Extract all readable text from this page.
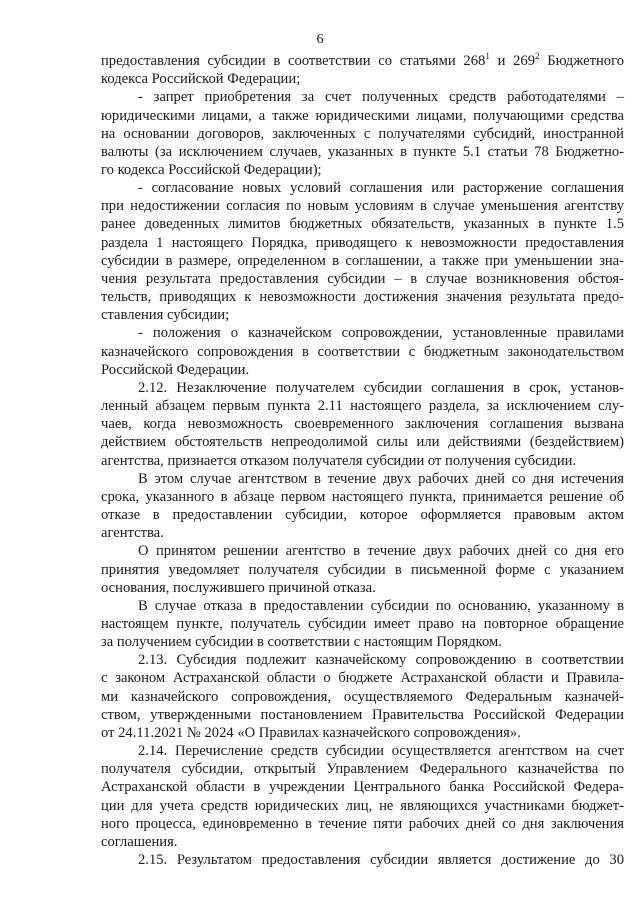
6
предоставления субсидии в соответствии со статьями $268^1$ и $269^2$ Бюджетного
кодекса Российской Федерации;
- запрет приобретения за счет полученных средств работодателями –
юридическими лицами, а также юридическими лицами, получающими средства
на основании договоров, заключенных с получателями субсидий, иностранной
валюты (за исключением случаев, указанных в пункте 5.1 статьи 78 Бюджетно-
го кодекса Российской Федерации);
- согласование новых условий соглашения или расторжение соглашения
при недостижении согласия по новым условиям в случае уменьшения агентству
ранее доведенных лимитов бюджетных обязательств, указанных в пункте 1.5
раздела 1 настоящего Порядка, приводящего к невозможности предоставления
субсидии в размере, определенном в соглашении, а также при уменьшении зна-
чения результата предоставления субсидии – в случае возникновения обстоя-
тельств, приводящих к невозможности достижения значения результата предо-
ставления субсидии;
- положения о казначейском сопровождении, установленные правилами
казначейского сопровождения в соответствии с бюджетным законодательством
Российской Федерации.
2.12. Незаключение получателем субсидии соглашения в срок, установ-
ленный абзацем первым пункта 2.11 настоящего раздела, за исключением слу-
чаев, когда невозможность своевременного заключения соглашения вызвана
действием обстоятельств непреодолимой силы или действиями (бездействием)
агентства, признается отказом получателя субсидии от получения субсидии.
В этом случае агентством в течение двух рабочих дней со дня истечения
срока, указанного в абзаце первом настоящего пункта, принимается решение об
отказе в предоставлении субсидии, которое оформляется правовым актом
агентства.
О принятом решении агентство в течение двух рабочих дней со дня его
принятия уведомляет получателя субсидии в письменной форме с указанием
основания, послужившего причиной отказа.
В случае отказа в предоставлении субсидии по основанию, указанному в
настоящем пункте, получатель субсидии имеет право на повторное обращение
за получением субсидии в соответствии с настоящим Порядком.
2.13. Субсидия подлежит казначейскому сопровождению в соответствии
с законом Астраханской области о бюджете Астраханской области и Правила-
ми казначейского сопровождения, осуществляемого Федеральным казначей-
ством, утвержденными постановлением Правительства Российской Федерации
от 24.11.2021 № 2024 «О Правилах казначейского сопровождения».
2.14. Перечисление средств субсидии осуществляется агентством на счет
получателя субсидии, открытый Управлением Федерального казначейства по
Астраханской области в учреждении Центрального банка Российской Федера-
ции для учета средств юридических лиц, не являющихся участниками бюджет-
ного процесса, единовременно в течение пяти рабочих дней со дня заключения
соглашения.
2.15. Результатом предоставления субсидии является достижение до 30
